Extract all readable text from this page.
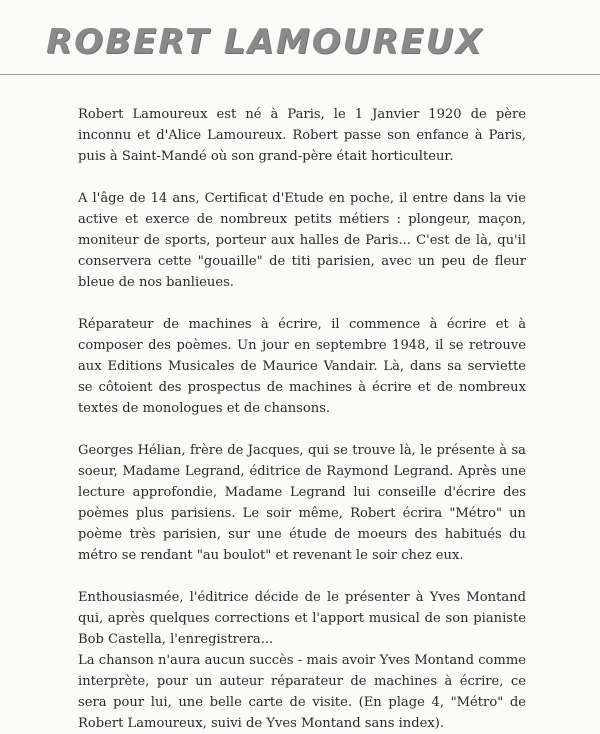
ROBERT LAMOUREUX

Robert Lamoureux est né à Paris, le 1 Janvier 1920 de père inconnu et d'Alice Lamoureux. Robert passe son enfance à Paris, puis à Saint-Mandé où son grand-père était horticulteur.

A l'âge de 14 ans, Certificat d'Etude en poche, il entre dans la vie active et exerce de nombreux petits métiers : plongeur, maçon, moniteur de sports, porteur aux halles de Paris... C'est de là, qu'il conservera cette "gouaille" de titi parisien, avec un peu de fleur bleue de nos banlieues.

Réparateur de machines à écrire, il commence à écrire et à composer des poèmes. Un jour en septembre 1948, il se retrouve aux Editions Musicales de Maurice Vandair. Là, dans sa serviette se côtoient des prospectus de machines à écrire et de nombreux textes de monologues et de chansons.

Georges Hélian, frère de Jacques, qui se trouve là, le présente à sa soeur, Madame Legrand, éditrice de Raymond Legrand. Après une lecture approfondie, Madame Legrand lui conseille d'écrire des poèmes plus parisiens. Le soir même, Robert écrira "Métro" un poème très parisien, sur une étude de moeurs des habitués du métro se rendant "au boulot" et revenant le soir chez eux.

Enthousiasmée, l'éditrice décide de le présenter à Yves Montand qui, après quelques corrections et l'apport musical de son pianiste Bob Castella, l'enregistrera...
La chanson n'aura aucun succès - mais avoir Yves Montand comme interprète, pour un auteur réparateur de machines à écrire, ce sera pour lui, une belle carte de visite. (En plage 4, "Métro" de Robert Lamoureux, suivi de Yves Montand sans index).
